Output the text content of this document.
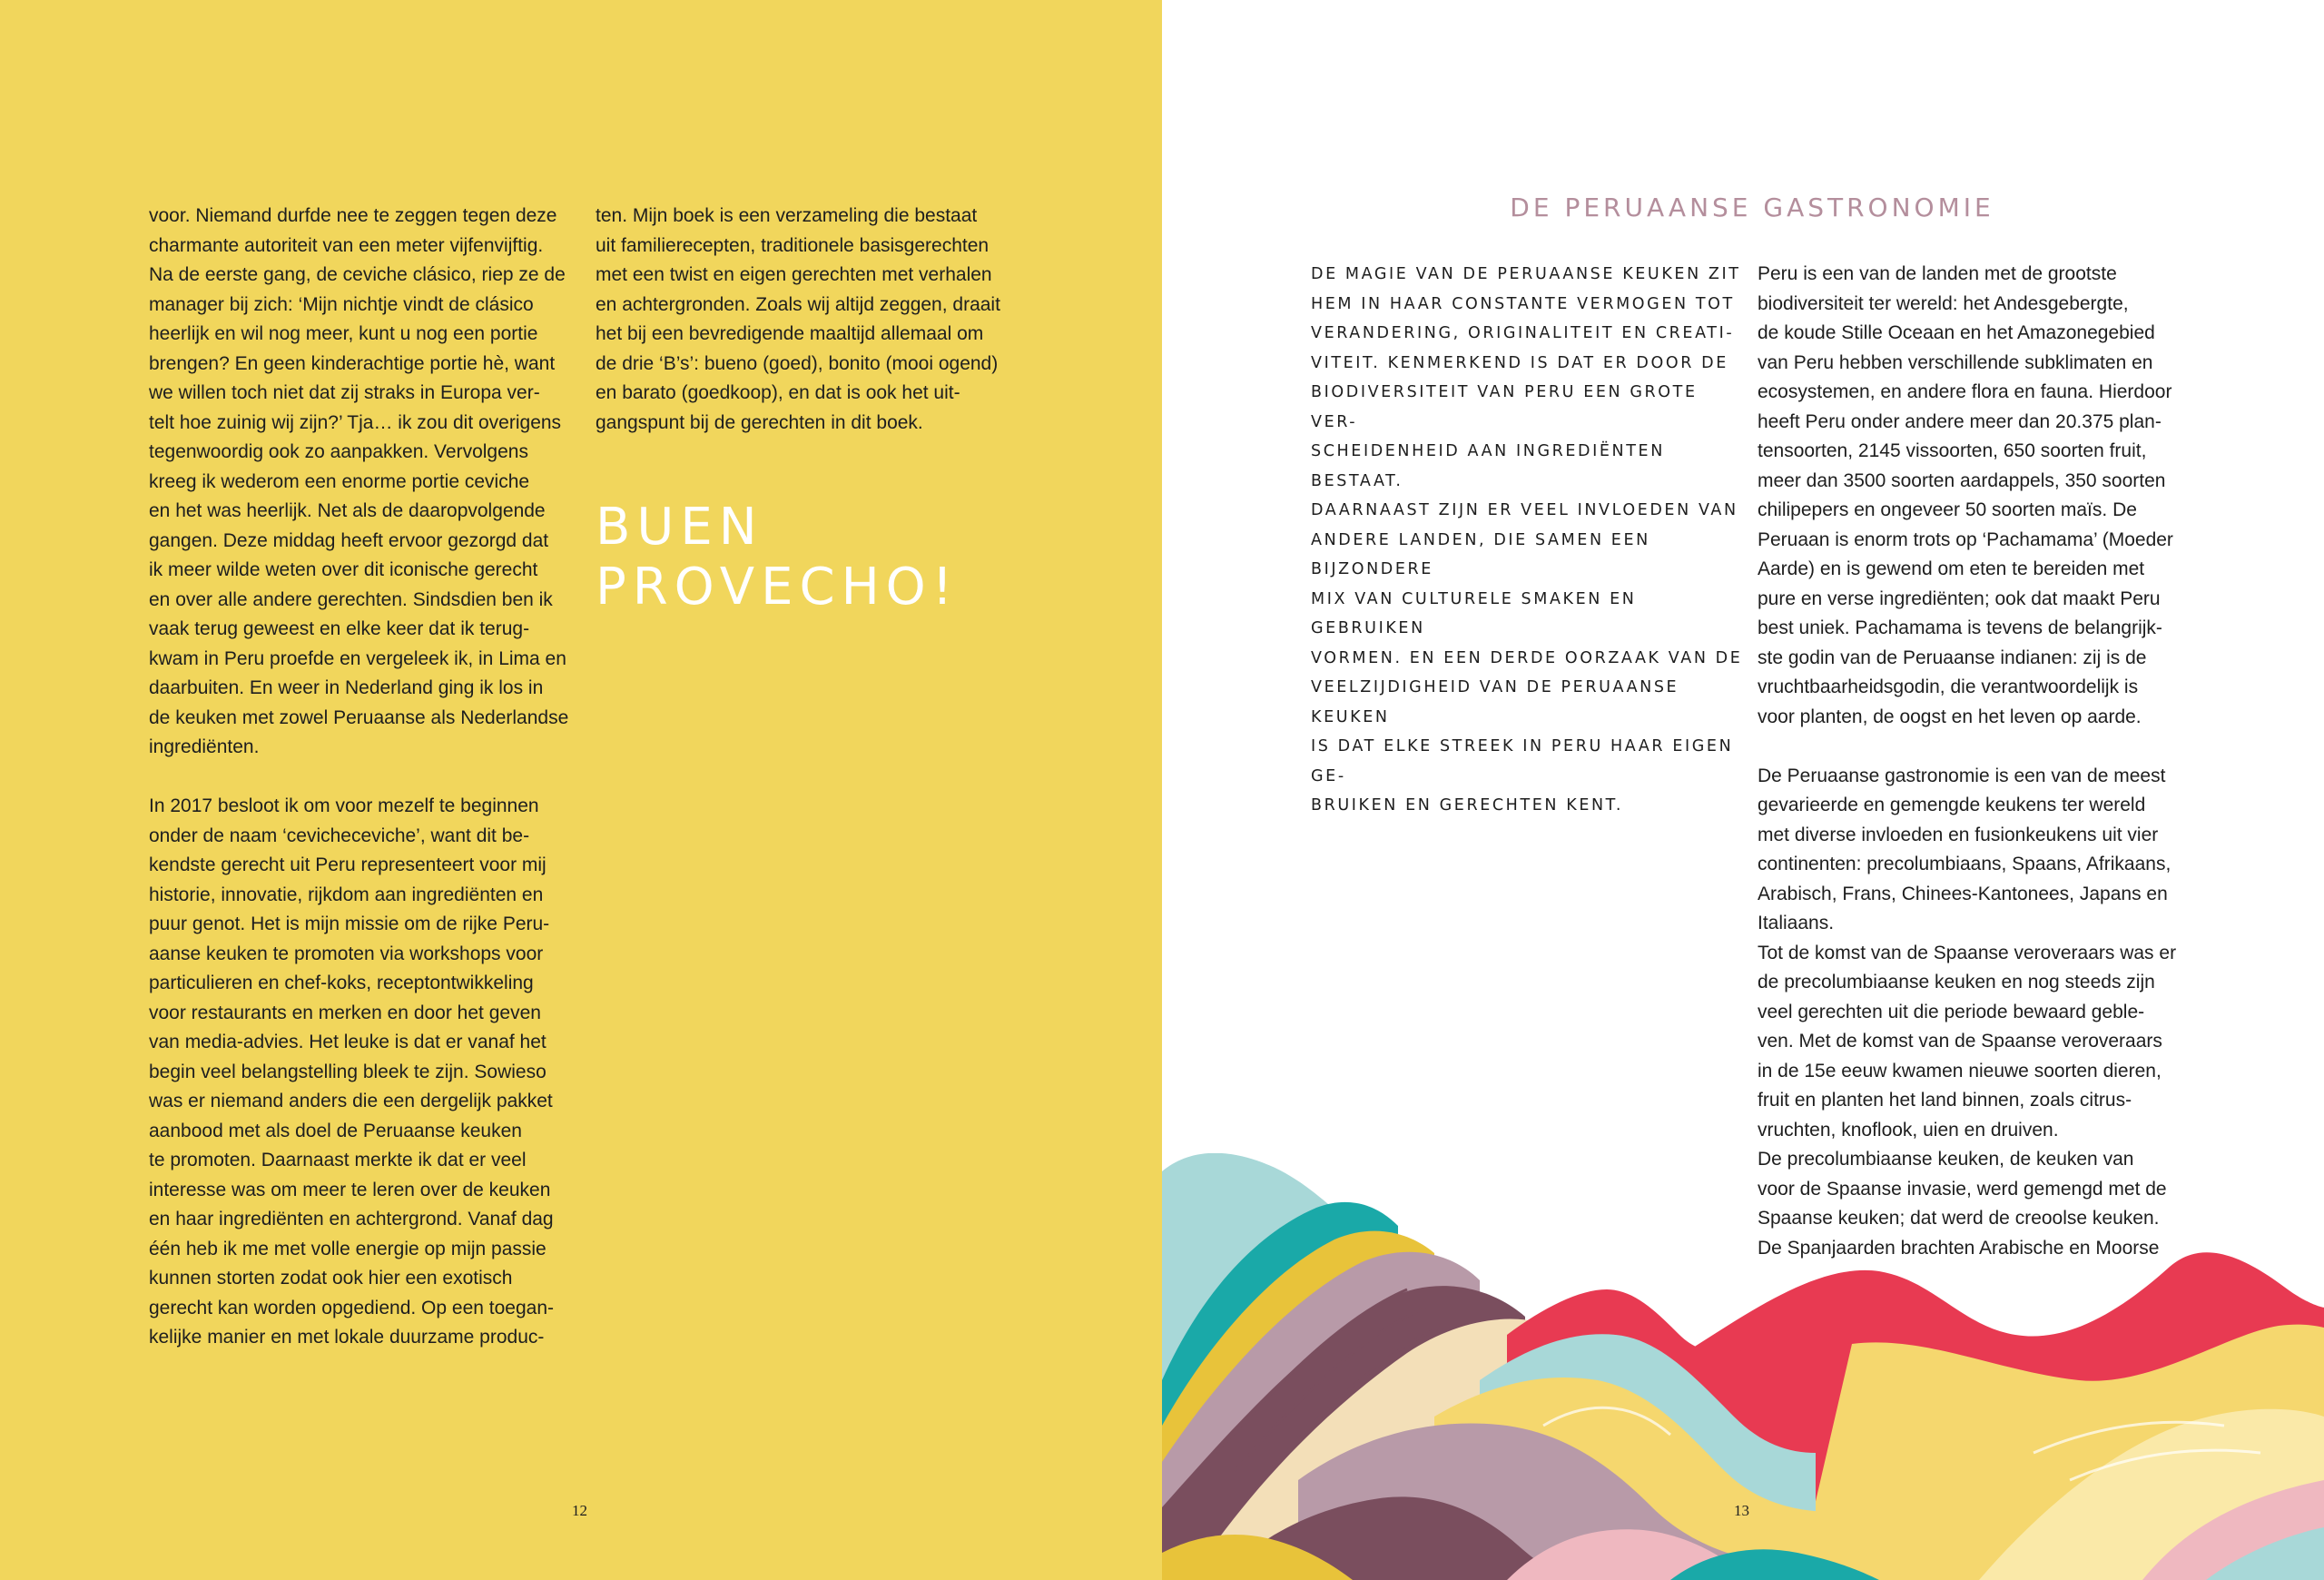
voor. Niemand durfde nee te zeggen tegen deze
charmante autoriteit van een meter vijfenvijftig.
Na de eerste gang, de ceviche clásico, riep ze de
manager bij zich: ‘Mijn nichtje vindt de clásico
heerlijk en wil nog meer, kunt u nog een portie
brengen? En geen kinderachtige portie hè, want
we willen toch niet dat zij straks in Europa ver-
telt hoe zuinig wij zijn?’ Tja… ik zou dit overigens
tegenwoordig ook zo aanpakken. Vervolgens
kreeg ik wederom een enorme portie ceviche
en het was heerlijk. Net als de daaropvolgende
gangen. Deze middag heeft ervoor gezorgd dat
ik meer wilde weten over dit iconische gerecht
en over alle andere gerechten. Sindsdien ben ik
vaak terug geweest en elke keer dat ik terug-
kwam in Peru proefde en vergeleek ik, in Lima en
daarbuiten. En weer in Nederland ging ik los in
de keuken met zowel Peruaanse als Nederlandse
ingrediënten.

In 2017 besloot ik om voor mezelf te beginnen
onder de naam ‘cevicheceviche’, want dit be-
kendste gerecht uit Peru representeert voor mij
historie, innovatie, rijkdom aan ingrediënten en
puur genot. Het is mijn missie om de rijke Peru-
aanse keuken te promoten via workshops voor
particulieren en chef-koks, receptontwikkeling
voor restaurants en merken en door het geven
van media-advies. Het leuke is dat er vanaf het
begin veel belangstelling bleek te zijn. Sowieso
was er niemand anders die een dergelijk pakket
aanbood met als doel de Peruaanse keuken
te promoten. Daarnaast merkte ik dat er veel
interesse was om meer te leren over de keuken
en haar ingrediënten en achtergrond. Vanaf dag
één heb ik me met volle energie op mijn passie
kunnen storten zodat ook hier een exotisch
gerecht kan worden opgediend. Op een toegan-
kelijke manier en met lokale duurzame produc-

ten. Mijn boek is een verzameling die bestaat
uit familierecepten, traditionele basisgerechten
met een twist en eigen gerechten met verhalen
en achtergronden. Zoals wij altijd zeggen, draait
het bij een bevredigende maaltijd allemaal om
de drie ‘B’s’: bueno (goed), bonito (mooi ogend)
en barato (goedkoop), en dat is ook het uit-
gangspunt bij de gerechten in dit boek.

BUEN
PROVECHO!
12
DE PERUAANSE GASTRONOMIE
DE MAGIE VAN DE PERUAANSE KEUKEN ZIT
HEM IN HAAR CONSTANTE VERMOGEN TOT
VERANDERING, ORIGINALITEIT EN CREATI-
VITEIT. KENMERKEND IS DAT ER DOOR DE
BIODIVERSITEIT VAN PERU EEN GROTE VER-
SCHEIDENHEID AAN INGREDIËNTEN BESTAAT.
DAARNAAST ZIJN ER VEEL INVLOEDEN VAN
ANDERE LANDEN, DIE SAMEN EEN BIJZONDERE
MIX VAN CULTURELE SMAKEN EN GEBRUIKEN
VORMEN. EN EEN DERDE OORZAAK VAN DE
VEELZIJDIGHEID VAN DE PERUAANSE KEUKEN
IS DAT ELKE STREEK IN PERU HAAR EIGEN GE-
BRUIKEN EN GERECHTEN KENT.

Peru is een van de landen met de grootste
biodiversiteit ter wereld: het Andesgebergte,
de koude Stille Oceaan en het Amazonegebied
van Peru hebben verschillende subklimaten en
ecosystemen, en andere flora en fauna. Hierdoor
heeft Peru onder andere meer dan 20.375 plan-
tensoorten, 2145 vissoorten, 650 soorten fruit,
meer dan 3500 soorten aardappels, 350 soorten
chilipepers en ongeveer 50 soorten maïs. De
Peruaan is enorm trots op ‘Pachamama’ (Moeder
Aarde) en is gewend om eten te bereiden met
pure en verse ingrediënten; ook dat maakt Peru
best uniek. Pachamama is tevens de belangrijk-
ste godin van de Peruaanse indianen: zij is de
vruchtbaarheidsgodin, die verantwoordelijk is
voor planten, de oogst en het leven op aarde.

De Peruaanse gastronomie is een van de meest
gevarieerde en gemengde keukens ter wereld
met diverse invloeden en fusionkeukens uit vier
continenten: precolumbiaans, Spaans, Afrikaans,
Arabisch, Frans, Chinees-Kantonees, Japans en
Italiaans.
Tot de komst van de Spaanse veroveraars was er
de precolumbiaanse keuken en nog steeds zijn
veel gerechten uit die periode bewaard geble-
ven. Met de komst van de Spaanse veroveraars
in de 15e eeuw kwamen nieuwe soorten dieren,
fruit en planten het land binnen, zoals citrus-
vruchten, knoflook, uien en druiven.
De precolumbiaanse keuken, de keuken van
voor de Spaanse invasie, werd gemengd met de
Spaanse keuken; dat werd de creoolse keuken.
De Spanjaarden brachten Arabische en Moorse

13
